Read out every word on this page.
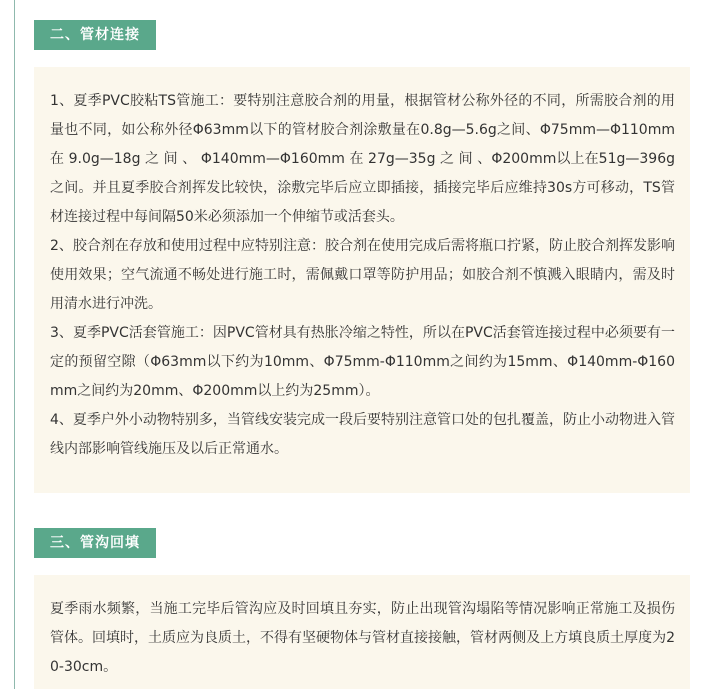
二、管材连接

1、夏季PVC胶粘TS管施工：要特别注意胶合剂的用量，根据管材公称外径的不同，所需胶合剂的用量也不同，如公称外径Φ63mm以下的管材胶合剂涂敷量在0.8g—5.6g之间、Φ75mm—Φ110mm 在 9.0g—18g 之 间 、 Φ140mm—Φ160mm 在 27g—35g 之 间 、Φ200mm以上在51g—396g之间。并且夏季胶合剂挥发比较快，涂敷完毕后应立即插接，插接完毕后应维持30s方可移动，TS管材连接过程中每间隔50米必须添加一个伸缩节或活套头。

2、胶合剂在存放和使用过程中应特别注意：胶合剂在使用完成后需将瓶口拧紧，防止胶合剂挥发影响使用效果；空气流通不畅处进行施工时，需佩戴口罩等防护用品；如胶合剂不慎溅入眼睛内，需及时用清水进行冲洗。

3、夏季PVC活套管施工：因PVC管材具有热胀冷缩之特性，所以在PVC活套管连接过程中必须要有一定的预留空隙（Φ63mm以下约为10mm、Φ75mm-Φ110mm之间约为15mm、Φ140mm-Φ160mm之间约为20mm、Φ200mm以上约为25mm）。

4、夏季户外小动物特别多，当管线安装完成一段后要特别注意管口处的包扎覆盖，防止小动物进入管线内部影响管线施压及以后正常通水。

三、管沟回填

夏季雨水频繁，当施工完毕后管沟应及时回填且夯实，防止出现管沟塌陷等情况影响正常施工及损伤管体。回填时，土质应为良质土，不得有坚硬物体与管材直接接触，管材两侧及上方填良质土厚度为20-30cm。
